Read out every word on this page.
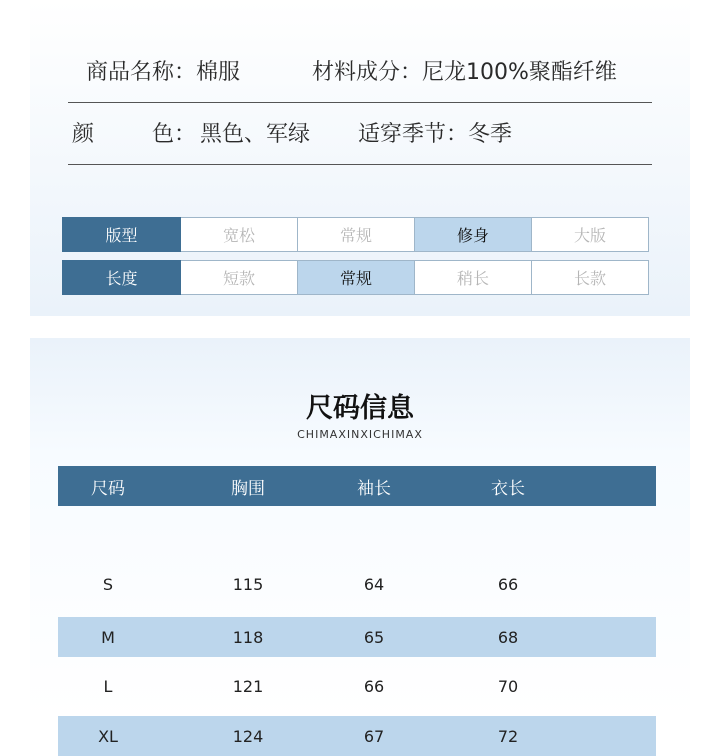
商品名称： 棉服	材料成分： 尼龙100%聚酯纤维
颜	色： 黑色、军绿 适穿季节： 冬季
版型	宽松	常规	修身	大版
长度	短款	常规	稍长	长款
尺码信息
CHIMAXINXICHIMAX
尺码	胸围	袖长	衣长
S	115	64	66
M	118	65	68
L	121	66	70
XL	124	67	72
